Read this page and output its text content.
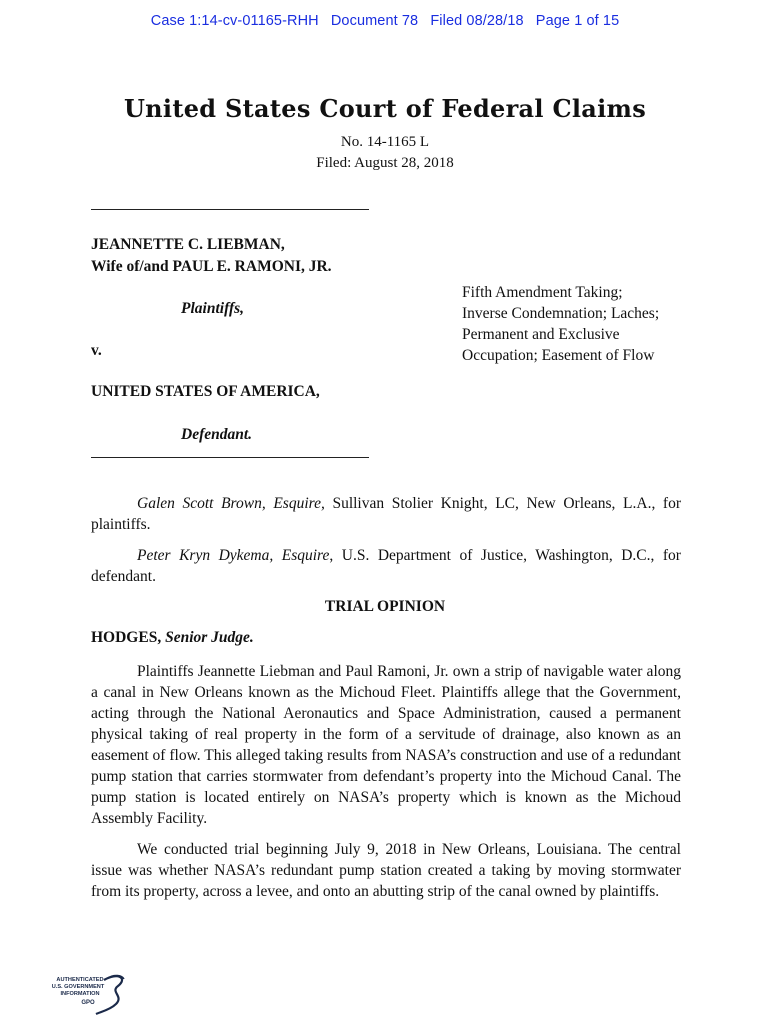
Case 1:14-cv-01165-RHH Document 78 Filed 08/28/18 Page 1 of 15
United States Court of Federal Claims
No. 14-1165 L
Filed: August 28, 2018
JEANNETTE C. LIEBMAN,
Wife of/and PAUL E. RAMONI, JR.
Plaintiffs,
v.
UNITED STATES OF AMERICA,
Defendant.
Fifth Amendment Taking;
Inverse Condemnation; Laches;
Permanent and Exclusive
Occupation; Easement of Flow
Galen Scott Brown, Esquire, Sullivan Stolier Knight, LC, New Orleans, L.A., for plaintiffs.
Peter Kryn Dykema, Esquire, U.S. Department of Justice, Washington, D.C., for defendant.
TRIAL OPINION
HODGES, Senior Judge.
Plaintiffs Jeannette Liebman and Paul Ramoni, Jr. own a strip of navigable water along a canal in New Orleans known as the Michoud Fleet. Plaintiffs allege that the Government, acting through the National Aeronautics and Space Administration, caused a permanent physical taking of real property in the form of a servitude of drainage, also known as an easement of flow. This alleged taking results from NASA’s construction and use of a redundant pump station that carries stormwater from defendant’s property into the Michoud Canal. The pump station is located entirely on NASA’s property which is known as the Michoud Assembly Facility.
We conducted trial beginning July 9, 2018 in New Orleans, Louisiana. The central issue was whether NASA’s redundant pump station created a taking by moving stormwater from its property, across a levee, and onto an abutting strip of the canal owned by plaintiffs.
AUTHENTICATED
U.S. GOVERNMENT
INFORMATION
GPO
